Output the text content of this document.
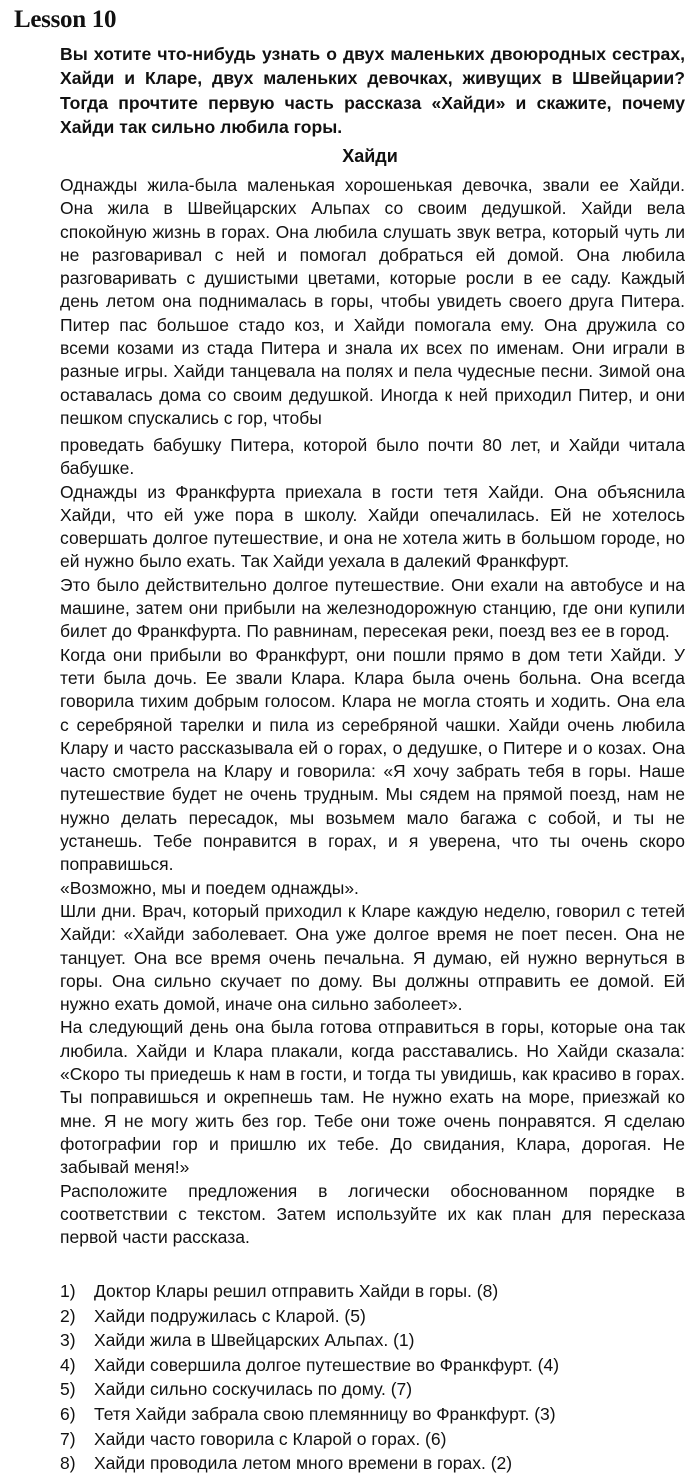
Lesson 10

Вы хотите что-нибудь узнать о двух маленьких двоюродных сестрах, Хайди и Кларе, двух маленьких девочках, живущих в Швейцарии? Тогда прочтите первую часть рассказа «Хайди» и скажите, почему Хайди так сильно любила горы.

Хайди

Однажды жила-была маленькая хорошенькая девочка, звали ее Хайди. Она жила в Швейцарских Альпах со своим дедушкой. Хайди вела спокойную жизнь в горах. Она любила слушать звук ветра, который чуть ли не разговаривал с ней и помогал добраться ей домой. Она любила разговаривать с душистыми цветами, которые росли в ее саду. Каждый день летом она поднималась в горы, чтобы увидеть своего друга Питера. Питер пас большое стадо коз, и Хайди помогала ему. Она дружила со всеми козами из стада Питера и знала их всех по именам. Они играли в разные игры. Хайди танцевала на полях и пела чудесные песни. Зимой она оставалась дома со своим дедушкой. Иногда к ней приходил Питер, и они пешком спускались с гор, чтобы

проведать бабушку Питера, которой было почти 80 лет, и Хайди читала бабушке.

Однажды из Франкфурта приехала в гости тетя Хайди. Она объяснила Хайди, что ей уже пора в школу. Хайди опечалилась. Ей не хотелось совершать долгое путешествие, и она не хотела жить в большом городе, но ей нужно было ехать. Так Хайди уехала в далекий Франкфурт.

Это было действительно долгое путешествие. Они ехали на автобусе и на машине, затем они прибыли на железнодорожную станцию, где они купили билет до Франкфурта. По равнинам, пересекая реки, поезд вез ее в город.

Когда они прибыли во Франкфурт, они пошли прямо в дом тети Хайди. У тети была дочь. Ее звали Клара. Клара была очень больна. Она всегда говорила тихим добрым голосом. Клара не могла стоять и ходить. Она ела с серебряной тарелки и пила из серебряной чашки. Хайди очень любила Клару и часто рассказывала ей о горах, о дедушке, о Питере и о козах. Она часто смотрела на Клару и говорила: «Я хочу забрать тебя в горы. Наше путешествие будет не очень трудным. Мы сядем на прямой поезд, нам не нужно делать пересадок, мы возьмем мало багажа с собой, и ты не устанешь. Тебе понравится в горах, и я уверена, что ты очень скоро поправишься.

«Возможно, мы и поедем однажды».

Шли дни. Врач, который приходил к Кларе каждую неделю, говорил с тетей Хайди: «Хайди заболевает. Она уже долгое время не поет песен. Она не танцует. Она все время очень печальна. Я думаю, ей нужно вернуться в горы. Она сильно скучает по дому. Вы должны отправить ее домой. Ей нужно ехать домой, иначе она сильно заболеет».

На следующий день она была готова отправиться в горы, которые она так любила. Хайди и Клара плакали, когда расставались. Но Хайди сказала: «Скоро ты приедешь к нам в гости, и тогда ты увидишь, как красиво в горах. Ты поправишься и окрепнешь там. Не нужно ехать на море, приезжай ко мне. Я не могу жить без гор. Тебе они тоже очень понравятся. Я сделаю фотографии гор и пришлю их тебе. До свидания, Клара, дорогая. Не забывай меня!»

Расположите предложения в логически обоснованном порядке в соответствии с текстом. Затем используйте их как план для пересказа первой части рассказа.

1)	Доктор Клары решил отправить Хайди в горы. (8)
2)	Хайди подружилась с Кларой. (5)
3)	Хайди жила в Швейцарских Альпах. (1)
4)	Хайди совершила долгое путешествие во Франкфурт. (4)
5)	Хайди сильно соскучилась по дому. (7)
6)	Тетя Хайди забрала свою племянницу во Франкфурт. (3)
7)	Хайди часто говорила с Кларой о горах. (6)
8)	Хайди проводила летом много времени в горах. (2)
